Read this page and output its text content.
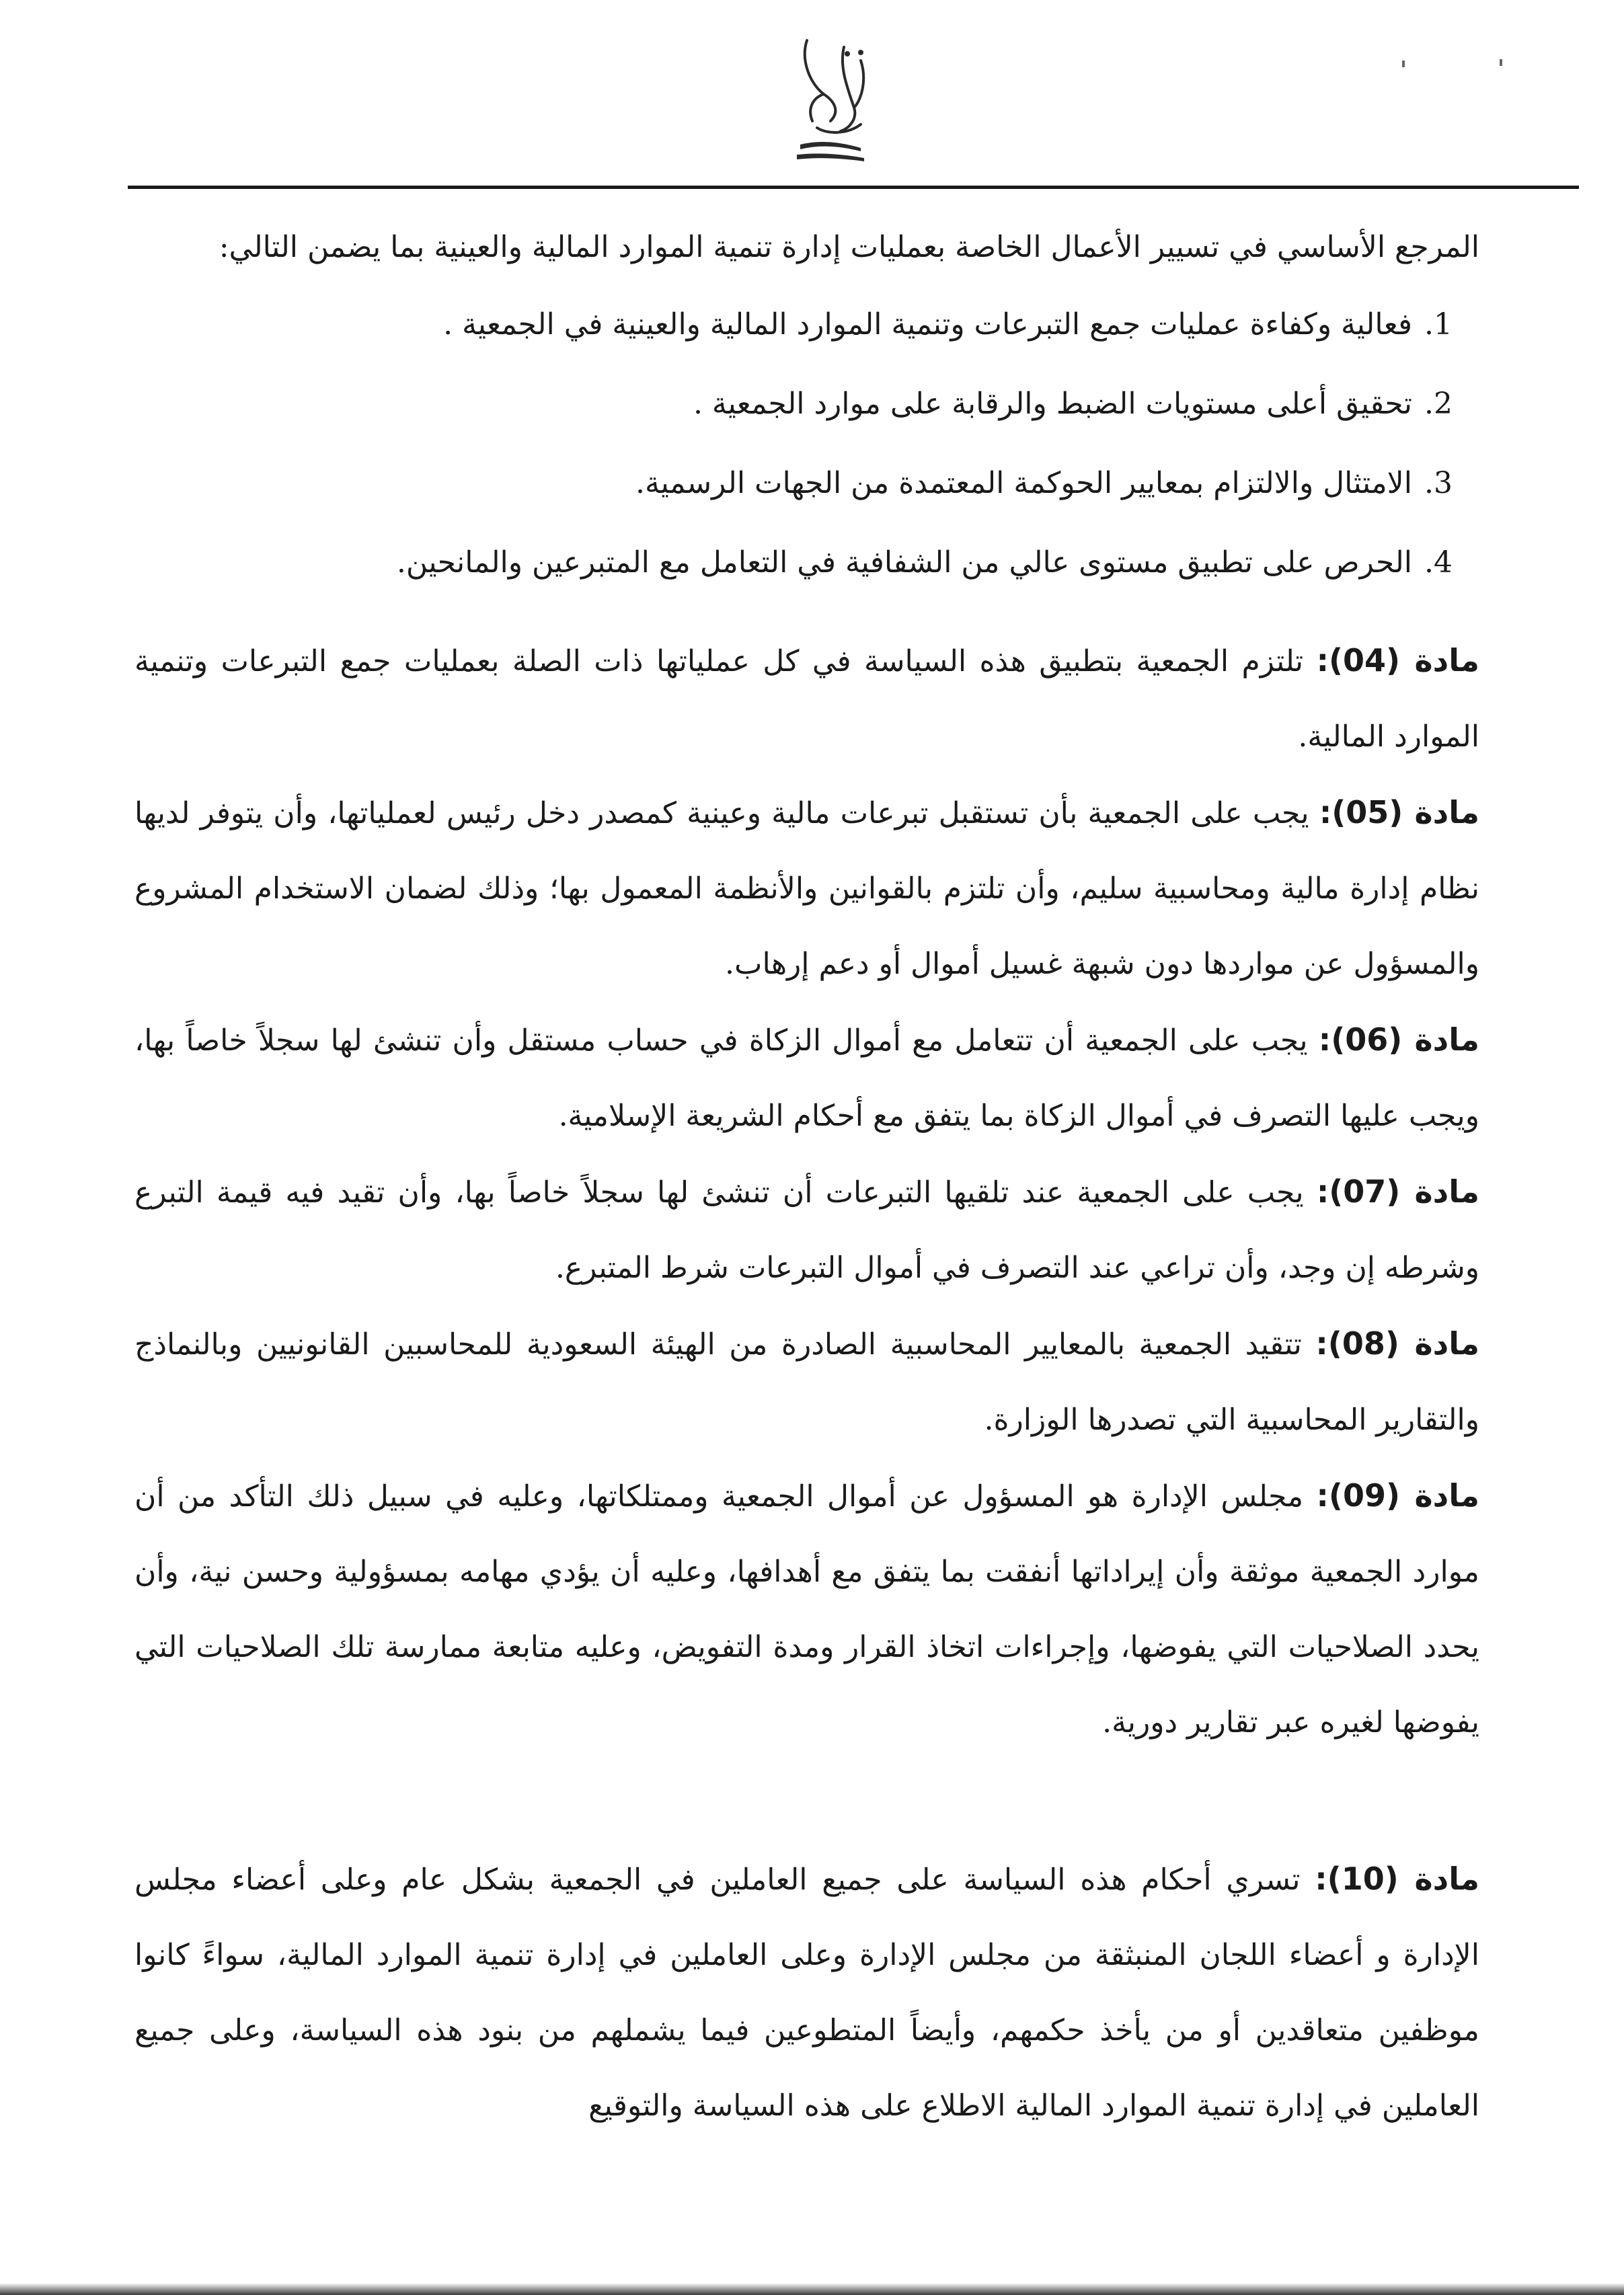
المرجع الأساسي في تسيير الأعمال الخاصة بعمليات إدارة تنمية الموارد المالية والعينية بما يضمن التالي:

1.فعالية وكفاءة عمليات جمع التبرعات وتنمية الموارد المالية والعينية في الجمعية .
2.تحقيق أعلى مستويات الضبط والرقابة على موارد الجمعية .
3.الامتثال والالتزام بمعايير الحوكمة المعتمدة من الجهات الرسمية.
4.الحرص على تطبيق مستوى عالي من الشفافية في التعامل مع المتبرعين والمانحين.

مادة (04): تلتزم الجمعية بتطبيق هذه السياسة في كل عملياتها ذات الصلة بعمليات جمع التبرعات وتنمية الموارد المالية.

مادة (05): يجب على الجمعية بأن تستقبل تبرعات مالية وعينية كمصدر دخل رئيس لعملياتها، وأن يتوفر لديها نظام إدارة مالية ومحاسبية سليم، وأن تلتزم بالقوانين والأنظمة المعمول بها؛ وذلك لضمان الاستخدام المشروع والمسؤول عن مواردها دون شبهة غسيل أموال أو دعم إرهاب.

مادة (06): يجب على الجمعية أن تتعامل مع أموال الزكاة في حساب مستقل وأن تنشئ لها سجلاً خاصاً بها، ويجب عليها التصرف في أموال الزكاة بما يتفق مع أحكام الشريعة الإسلامية.

مادة (07): يجب على الجمعية عند تلقيها التبرعات أن تنشئ لها سجلاً خاصاً بها، وأن تقيد فيه قيمة التبرع وشرطه إن وجد، وأن تراعي عند التصرف في أموال التبرعات شرط المتبرع.

مادة (08): تتقيد الجمعية بالمعايير المحاسبية الصادرة من الهيئة السعودية للمحاسبين القانونيين وبالنماذج والتقارير المحاسبية التي تصدرها الوزارة.

مادة (09): مجلس الإدارة هو المسؤول عن أموال الجمعية وممتلكاتها، وعليه في سبيل ذلك التأكد من أن موارد الجمعية موثقة وأن إيراداتها أنفقت بما يتفق مع أهدافها، وعليه أن يؤدي مهامه بمسؤولية وحسن نية، وأن يحدد الصلاحيات التي يفوضها، وإجراءات اتخاذ القرار ومدة التفويض، وعليه متابعة ممارسة تلك الصلاحيات التي يفوضها لغيره عبر تقارير دورية.

مادة (10): تسري أحكام هذه السياسة على جميع العاملين في الجمعية بشكل عام وعلى أعضاء مجلس الإدارة و أعضاء اللجان المنبثقة من مجلس الإدارة وعلى العاملين في إدارة تنمية الموارد المالية، سواءً كانوا موظفين متعاقدين أو من يأخذ حكمهم، وأيضاً المتطوعين فيما يشملهم من بنود هذه السياسة، وعلى جميع العاملين في إدارة تنمية الموارد المالية الاطلاع على هذه السياسة والتوقيع
